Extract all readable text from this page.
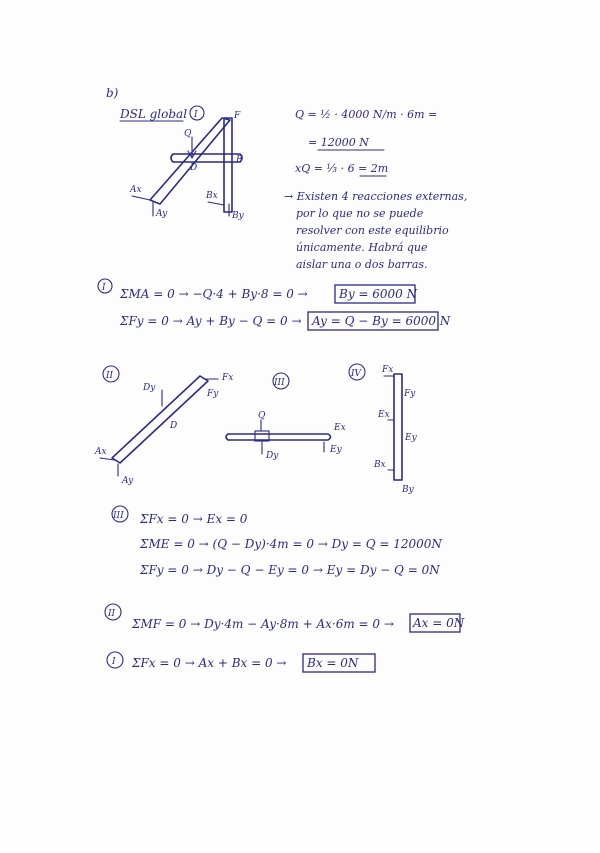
b)
DSL global I	F
Q
D
E
Ax
Ay
Bx
By
Q = ½ · 4000 N/m · 6m =
= 12000 N
xQ = ⅓ · 6 = 2m
→ Existen 4 reacciones externas,
por lo que no se puede
resolver con este equilibrio
únicamente. Habrá que
aislar una o dos barras.
I ΣMA = 0 → −Q·4 + By·8 = 0 →	By = 6000 N
ΣFy = 0 → Ay + By − Q = 0 → Ay = Q − By = 6000 N
II
Dy
D
Fx
Fy
Ax
Ay
III
Q
Dy
Ex
Ey
IV Fx
Fy
Ex
Ey
Bx
By
III ΣFx = 0 → Ex = 0
ΣME = 0 → (Q − Dy)·4m = 0 → Dy = Q = 12000N
ΣFy = 0 → Dy − Q − Ey = 0 → Ey = Dy − Q = 0N
II
ΣMF = 0 → Dy·4m − Ay·8m + Ax·6m = 0 → Ax = 0N
I ΣFx = 0 → Ax + Bx = 0 → Bx = 0N
